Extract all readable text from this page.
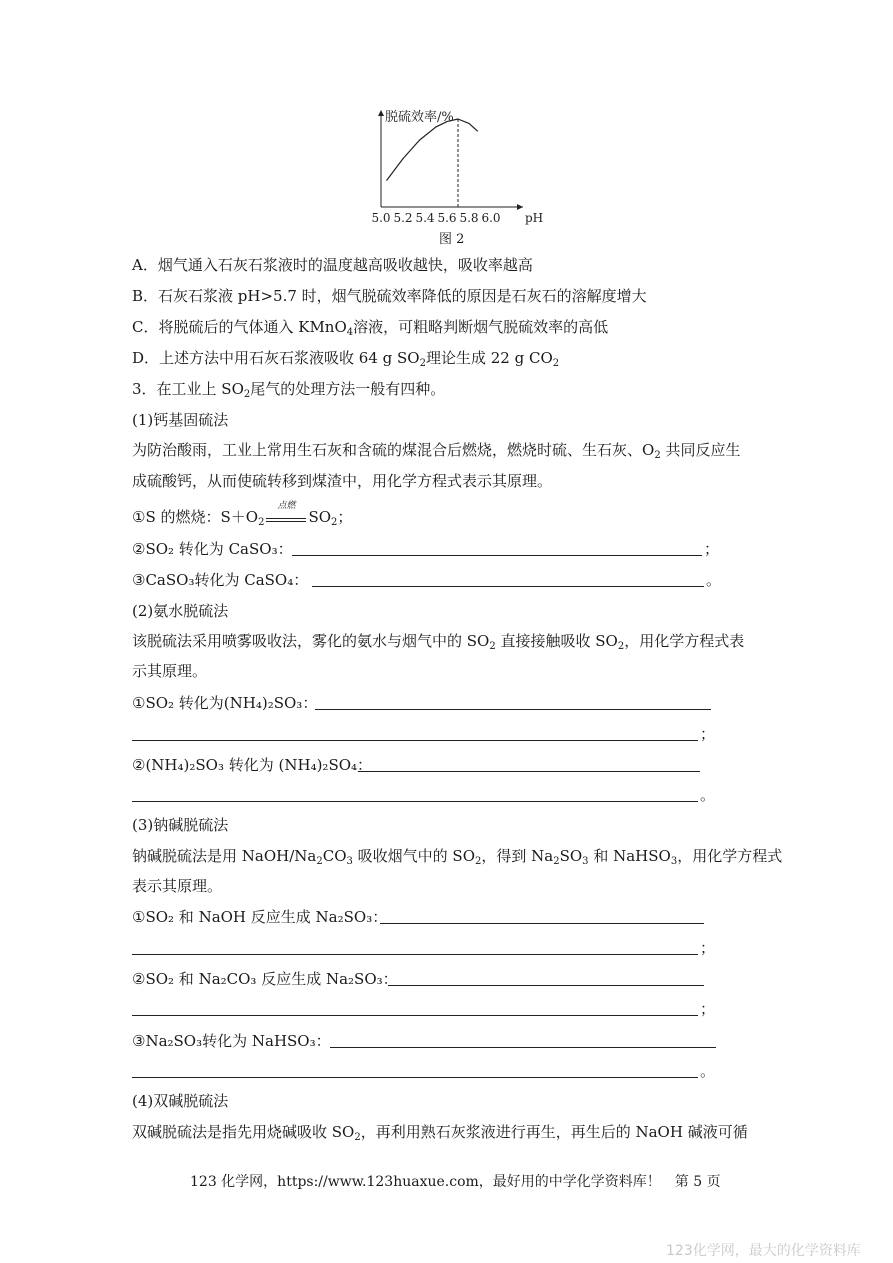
脱硫效率/%
5.0 5.2 5.4 5.6 5.8 6.0 pH
图 2
A．烟气通入石灰石浆液时的温度越高吸收越快，吸收率越高
B．石灰石浆液 pH>5.7 时，烟气脱硫效率降低的原因是石灰石的溶解度增大
C．将脱硫后的气体通入 KMnO$_4$溶液，可粗略判断烟气脱硫效率的高低
D．上述方法中用石灰石浆液吸收 64 g $SO_2$理论生成 22 g $CO_2$
3．在工业上 $SO_2$尾气的处理方法一般有四种。
(1)钙基固硫法
为防治酸雨，工业上常用生石灰和含硫的煤混合后燃烧，燃烧时硫、生石灰、$O_2$ 共同反应生
成硫酸钙，从而使硫转移到煤渣中，用化学方程式表示其原理。
①S 的燃烧：$S+O_2$
点燃
$SO_2$；
②SO₂ 转化为 CaSO₃：	；
③CaSO₃转化为 CaSO₄：	。
(2)氨水脱硫法
该脱硫法采用喷雾吸收法，雾化的氨水与烟气中的 $SO_2$ 直接接触吸收 $SO_2$，用化学方程式表
示其原理。
①SO₂ 转化为(NH₄)₂SO₃：
；
②(NH₄)₂SO₃ 转化为 (NH₄)₂SO₄：
。
(3)钠碱脱硫法
钠碱脱硫法是用 NaOH/$Na_2CO_3$ 吸收烟气中的 $SO_2$，得到 $Na_2SO_3$ 和 NaHSO$_3$，用化学方程式
表示其原理。
①SO₂ 和 NaOH 反应生成 Na₂SO₃：
；
②SO₂ 和 Na₂CO₃ 反应生成 Na₂SO₃：
；
③Na₂SO₃转化为 NaHSO₃：
。
(4)双碱脱硫法
双碱脱硫法是指先用烧碱吸收 $SO_2$，再利用熟石灰浆液进行再生，再生后的 NaOH 碱液可循
123 化学网，https://www.123huaxue.com，最好用的中学化学资料库！　第 5 页
123化学网，最大的化学资料库
